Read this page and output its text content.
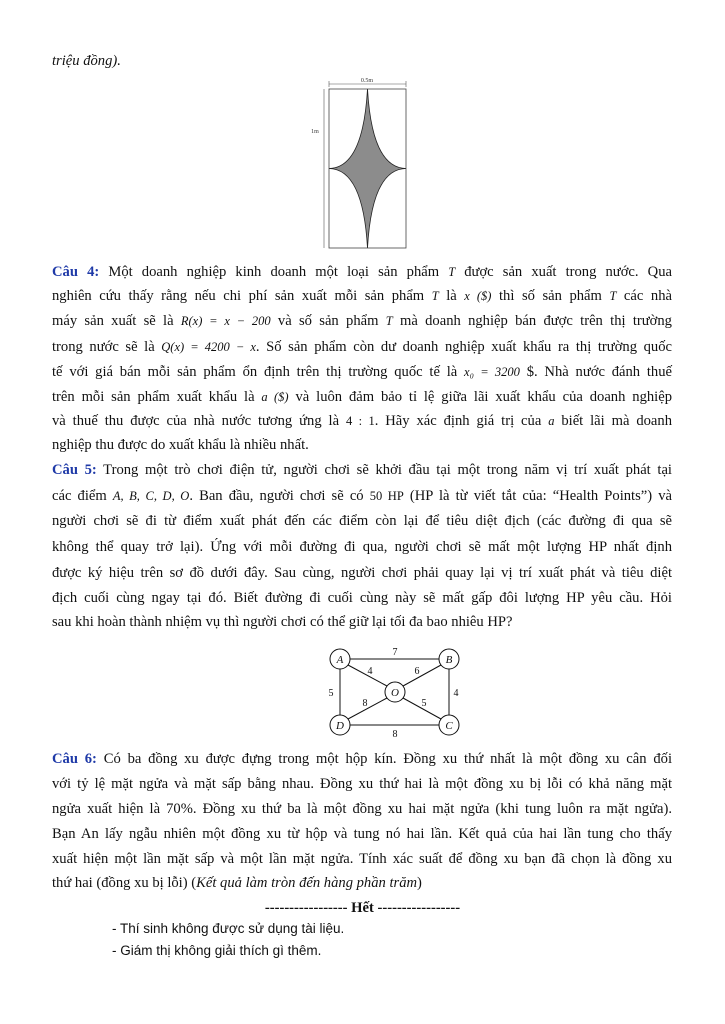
triệu đồng).
0.5m
1m
Câu 4: Một doanh nghiệp kinh doanh một loại sản phẩm T được sản xuất trong nước. Qua
nghiên cứu thấy rằng nếu chi phí sản xuất mỗi sản phẩm T là x ($) thì số sản phẩm T các nhà
máy sản xuất sẽ là R(x) = x − 200 và số sản phẩm T mà doanh nghiệp bán được trên thị trường
trong nước sẽ là Q(x) = 4200 − x. Số sản phẩm còn dư doanh nghiệp xuất khẩu ra thị trường quốc
tế với giá bán mỗi sản phẩm ổn định trên thị trường quốc tế là x₀ = 3200 $. Nhà nước đánh thuế
trên mỗi sản phẩm xuất khẩu là a ($) và luôn đảm bảo tỉ lệ giữa lãi xuất khẩu của doanh nghiệp
và thuế thu được của nhà nước tương ứng là 4 : 1. Hãy xác định giá trị của a biết lãi mà doanh
nghiệp thu được do xuất khẩu là nhiều nhất.
Câu 5: Trong một trò chơi điện tử, người chơi sẽ khởi đầu tại một trong năm vị trí xuất phát tại
các điểm A, B, C, D, O. Ban đầu, người chơi sẽ có 50 HP (HP là từ viết tắt của: “Health Points”) và
người chơi sẽ đi từ điểm xuất phát đến các điểm còn lại để tiêu diệt địch (các đường đi qua sẽ
không thể quay trở lại). Ứng với mỗi đường đi qua, người chơi sẽ mất một lượng HP nhất định
được ký hiệu trên sơ đồ dưới đây. Sau cùng, người chơi phải quay lại vị trí xuất phát và tiêu diệt
địch cuối cùng ngay tại đó. Biết đường đi cuối cùng này sẽ mất gấp đôi lượng HP yêu cầu. Hỏi
sau khi hoàn thành nhiệm vụ thì người chơi có thể giữ lại tối đa bao nhiêu HP?
A	B
C
D
O
7
4	6
5	4
8	5
8
Câu 6: Có ba đồng xu được đựng trong một hộp kín. Đồng xu thứ nhất là một đồng xu cân đối
với tỷ lệ mặt ngửa và mặt sấp bằng nhau. Đồng xu thứ hai là một đồng xu bị lỗi có khả năng mặt
ngửa xuất hiện là 70%. Đồng xu thứ ba là một đồng xu hai mặt ngửa (khi tung luôn ra mặt ngửa).
Bạn An lấy ngẫu nhiên một đồng xu từ hộp và tung nó hai lần. Kết quả của hai lần tung cho thấy
xuất hiện một lần mặt sấp và một lần mặt ngửa. Tính xác suất để đồng xu bạn đã chọn là đồng xu
thứ hai (đồng xu bị lỗi) (Kết quả làm tròn đến hàng phần trăm)
----------------- Hết -----------------
- Thí sinh không được sử dụng tài liệu.
- Giám thị không giải thích gì thêm.
